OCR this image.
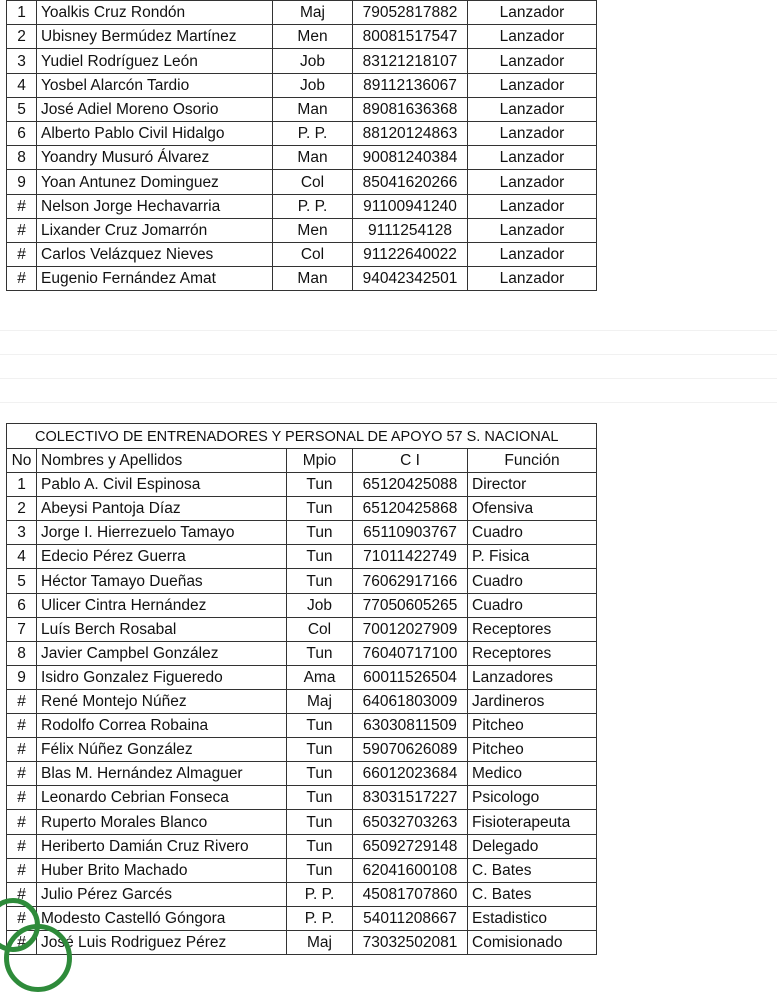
1	Yoalkis Cruz Rondón	Maj	79052817882	Lanzador
2	Ubisney Bermúdez Martínez	Men	80081517547	Lanzador
3	Yudiel Rodríguez León	Job	83121218107	Lanzador
4	Yosbel Alarcón Tardio	Job	89112136067	Lanzador
5	José Adiel Moreno Osorio	Man	89081636368	Lanzador
6	Alberto Pablo Civil Hidalgo	P. P.	88120124863	Lanzador
8	Yoandry Musuró Álvarez	Man	90081240384	Lanzador
9	Yoan Antunez Dominguez	Col	85041620266	Lanzador
#	Nelson Jorge Hechavarria	P. P.	91100941240	Lanzador
#	Lixander Cruz Jomarrón	Men	9111254128	Lanzador
#	Carlos Velázquez Nieves	Col	91122640022	Lanzador
#	Eugenio Fernández Amat	Man	94042342501	Lanzador
COLECTIVO DE ENTRENADORES Y PERSONAL DE APOYO 57 S. NACIONAL				
No	Nombres y Apellidos	Mpio	C I	Función
1	Pablo A. Civil Espinosa	Tun	65120425088	Director
2	Abeysi Pantoja Díaz	Tun	65120425868	Ofensiva
3	Jorge I. Hierrezuelo Tamayo	Tun	65110903767	Cuadro
4	Edecio Pérez Guerra	Tun	71011422749	P. Fisica
5	Héctor Tamayo Dueñas	Tun	76062917166	Cuadro
6	Ulicer Cintra Hernández	Job	77050605265	Cuadro
7	Luís Berch Rosabal	Col	70012027909	Receptores
8	Javier Campbel González	Tun	76040717100	Receptores
9	Isidro Gonzalez Figueredo	Ama	60011526504	Lanzadores
#	René Montejo Núñez	Maj	64061803009	Jardineros
#	Rodolfo Correa Robaina	Tun	63030811509	Pitcheo
#	Félix Núñez González	Tun	59070626089	Pitcheo
#	Blas M. Hernández Almaguer	Tun	66012023684	Medico
#	Leonardo Cebrian Fonseca	Tun	83031517227	Psicologo
#	Ruperto Morales Blanco	Tun	65032703263	Fisioterapeuta
#	Heriberto Damián Cruz Rivero	Tun	65092729148	Delegado
#	Huber Brito Machado	Tun	62041600108	C. Bates
#	Julio Pérez Garcés	P. P.	45081707860	C. Bates
#	Modesto Castelló Góngora	P. P.	54011208667	Estadistico
#	José Luis Rodriguez Pérez	Maj	73032502081	Comisionado
